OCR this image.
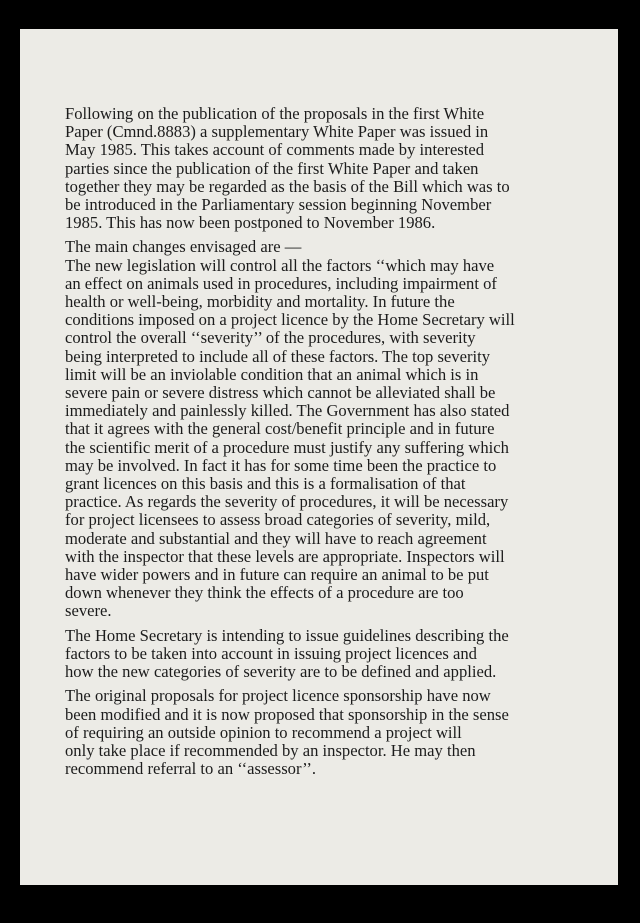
Following on the publication of the proposals in the first White
Paper (Cmnd.8883) a supplementary White Paper was issued in
May 1985. This takes account of comments made by interested
parties since the publication of the first White Paper and taken
together they may be regarded as the basis of the Bill which was to
be introduced in the Parliamentary session beginning November
1985. This has now been postponed to November 1986.
The main changes envisaged are —
The new legislation will control all the factors ‘‘which may have
an effect on animals used in procedures, including impairment of
health or well-being, morbidity and mortality. In future the
conditions imposed on a project licence by the Home Secretary will
control the overall ‘‘severity’’ of the procedures, with severity
being interpreted to include all of these factors. The top severity
limit will be an inviolable condition that an animal which is in
severe pain or severe distress which cannot be alleviated shall be
immediately and painlessly killed. The Government has also stated
that it agrees with the general cost/benefit principle and in future
the scientific merit of a procedure must justify any suffering which
may be involved. In fact it has for some time been the practice to
grant licences on this basis and this is a formalisation of that
practice. As regards the severity of procedures, it will be necessary
for project licensees to assess broad categories of severity, mild,
moderate and substantial and they will have to reach agreement
with the inspector that these levels are appropriate. Inspectors will
have wider powers and in future can require an animal to be put
down whenever they think the effects of a procedure are too
severe.
The Home Secretary is intending to issue guidelines describing the
factors to be taken into account in issuing project licences and
how the new categories of severity are to be defined and applied.
The original proposals for project licence sponsorship have now
been modified and it is now proposed that sponsorship in the sense
of requiring an outside opinion to recommend a project will
only take place if recommended by an inspector. He may then
recommend referral to an ‘‘assessor’’.
